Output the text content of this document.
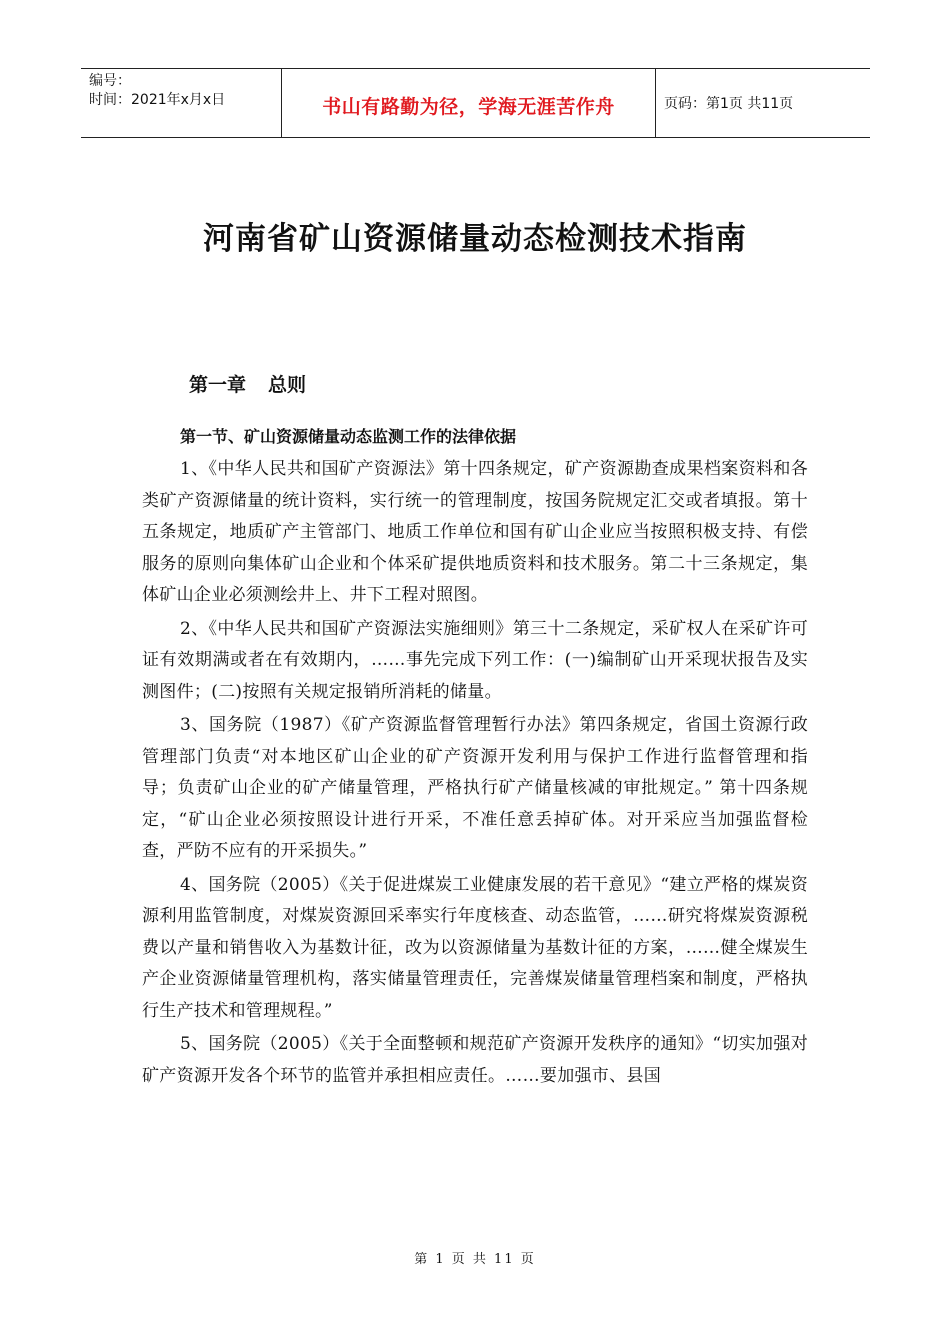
编号：
时间：2021年x月x日	书山有路勤为径，学海无涯苦作舟	页码：第1页 共11页
河南省矿山资源储量动态检测技术指南
第一章 总则
第一节、矿山资源储量动态监测工作的法律依据

1、《中华人民共和国矿产资源法》第十四条规定，矿产资源勘查成果档案资料和各类矿产资源储量的统计资料，实行统一的管理制度，按国务院规定汇交或者填报。第十五条规定，地质矿产主管部门、地质工作单位和国有矿山企业应当按照积极支持、有偿服务的原则向集体矿山企业和个体采矿提供地质资料和技术服务。第二十三条规定，集体矿山企业必须测绘井上、井下工程对照图。

2、《中华人民共和国矿产资源法实施细则》第三十二条规定，采矿权人在采矿许可证有效期满或者在有效期内，……事先完成下列工作：(一)编制矿山开采现状报告及实测图件；(二)按照有关规定报销所消耗的储量。

3、国务院（1987）《矿产资源监督管理暂行办法》第四条规定，省国土资源行政管理部门负责“对本地区矿山企业的矿产资源开发利用与保护工作进行监督管理和指导；负责矿山企业的矿产储量管理，严格执行矿产储量核减的审批规定。” 第十四条规定，“矿山企业必须按照设计进行开采，不准任意丢掉矿体。对开采应当加强监督检查，严防不应有的开采损失。”

4、国务院（2005）《关于促进煤炭工业健康发展的若干意见》“建立严格的煤炭资源利用监管制度，对煤炭资源回采率实行年度核查、动态监管，……研究将煤炭资源税费以产量和销售收入为基数计征，改为以资源储量为基数计征的方案，……健全煤炭生产企业资源储量管理机构，落实储量管理责任，完善煤炭储量管理档案和制度，严格执行生产技术和管理规程。”

5、国务院（2005）《关于全面整顿和规范矿产资源开发秩序的通知》“切实加强对矿产资源开发各个环节的监管并承担相应责任。……要加强市、县国

第 1 页 共 11 页
